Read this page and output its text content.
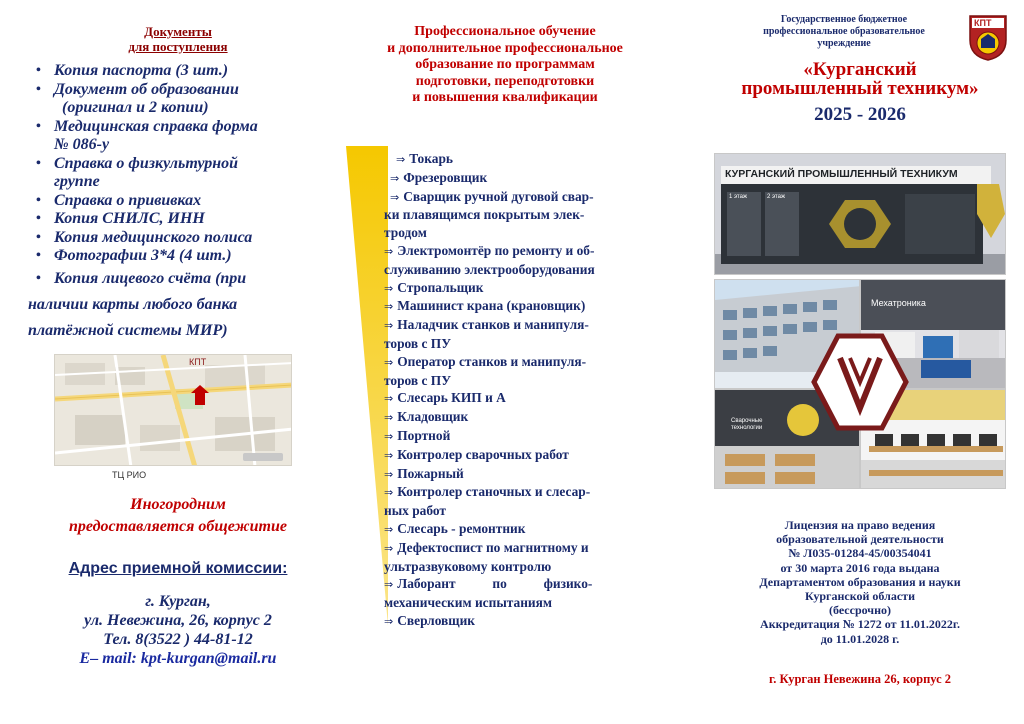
Документы
для поступления
• Копия паспорта (3 шт.)
• Документ об образовании
(оригинал и 2 копии)
• Медицинская справка форма
№ 086-у
• Справка о физкультурной
группе
• Справка о прививках
• Копия СНИЛС, ИНН
• Копия медицинского полиса
• Фотографии 3*4 (4 шт.)
• Копия лицевого счёта (при
наличии карты любого банка
платёжной системы МИР)
КПТ
ТЦ РИО
Иногородним
предоставляется общежитие
Адрес приемной комиссии:
г. Курган,
ул. Невежина, 26, корпус 2
Тел. 8(3522 ) 44-81-12
E– mail: kpt-kurgan@mail.ru
Профессиональное обучение
и дополнительное профессиональное
образование по программам
подготовки, переподготовки
и повышения квалификации
⇒ Токарь
⇒ Фрезеровщик
⇒ Сварщик ручной дуговой свар-
ки плавящимся покрытым элек-
тродом
⇒ Электромонтёр по ремонту и об-
служиванию электрооборудования
⇒ Стропальщик
⇒ Машинист крана (крановщик)
⇒ Наладчик станков и манипуля-
торов с ПУ
⇒ Оператор станков и манипуля-
торов с ПУ
⇒ Слесарь КИП и А
⇒ Кладовщик
⇒ Портной
⇒ Контролер сварочных работ
⇒ Пожарный
⇒ Контролер станочных и слесар-
ных работ
⇒ Слесарь - ремонтник
⇒ Дефектоспист по магнитному и
ультразвуковому контролю
⇒ Лаборант           по           физико-
механическим испытаниям
⇒ Сверловщик
Государственное бюджетное
профессиональное образовательное
учреждение
КПТ
«Курганский
промышленный техникум»
2025 - 2026
КУРГАНСКИЙ ПРОМЫШЛЕННЫЙ ТЕХНИКУМ
1 этаж	2 этаж
Мехатроника
Сварочные технологии
Лицензия на право ведения
образовательной деятельности
№ Л035-01284-45/00354041
от 30 марта 2016 года выдана
Департаментом образования и науки
Курганской области
(бессрочно)
Аккредитация № 1272 от 11.01.2022г.
до 11.01.2028 г.
г. Курган Невежина 26, корпус 2
